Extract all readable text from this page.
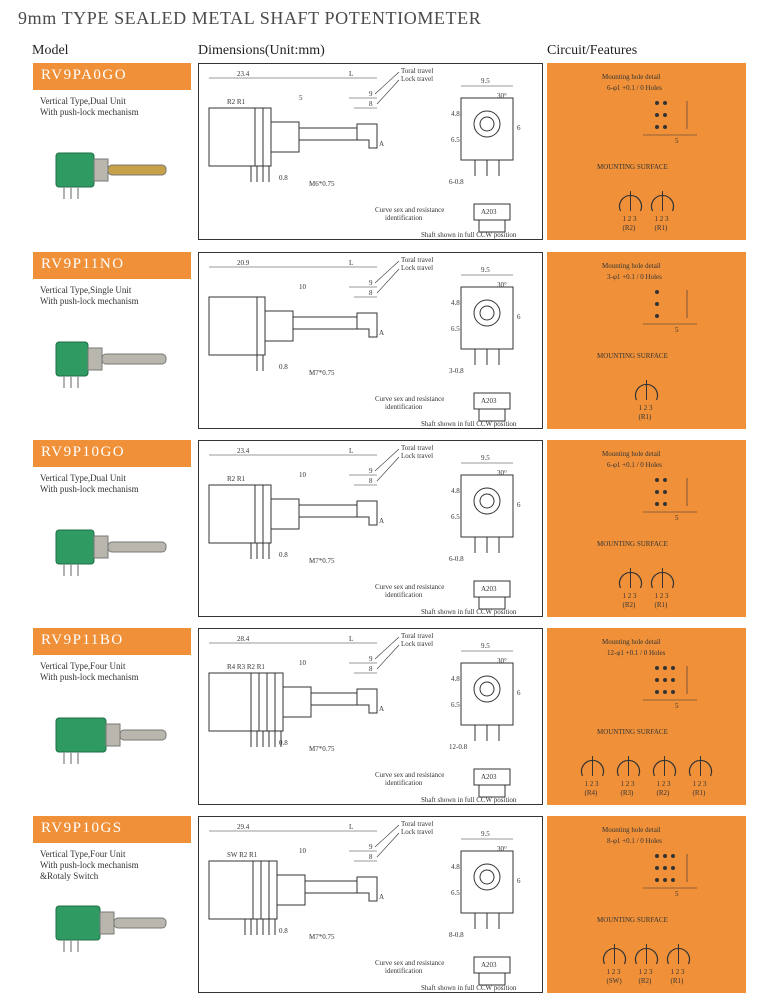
9mm TYPE SEALED METAL SHAFT POTENTIOMETER
Model	Dimensions(Unit:mm)	Circuit/Features
RV9PA0GO
Vertical Type,Dual Unit
With push-lock mechanism
23.4	L	Toral travel
Lock travel
R2 R1	5	9
8
M6*0.75
0.8
A
9.5
30°
6
4.8
6.5
6-0.8
Curve sex and resistance
identification
A203
Shaft shown in full CCW position
1 2 3
(R2)
1 2 3
(R1)
Mounting hole detail
6-φ1 +0.1 / 0 Holes
5
MOUNTING SURFACE
RV9P11NO
Vertical Type,Single Unit
With push-lock mechanism
20.9	L	Toral travel
Lock travel
10	9
8
M7*0.75
0.8
A
9.5
30°
6
4.8
6.5
3-0.8
Curve sex and resistance
identification
A203
Shaft shown in full CCW position
1 2 3
(R1)
Mounting hole detail
3-φ1 +0.1 / 0 Holes
5
MOUNTING SURFACE
RV9P10GO
Vertical Type,Dual Unit
With push-lock mechanism
23.4	L	Toral travel
Lock travel
R2 R1	10	9
8
M7*0.75
0.8
A
9.5
30°
6
4.8
6.5
6-0.8
Curve sex and resistance
identification
A203
Shaft shown in full CCW position
1 2 3
(R2)
1 2 3
(R1)
Mounting hole detail
6-φ1 +0.1 / 0 Holes
5
MOUNTING SURFACE
RV9P11BO
Vertical Type,Four Unit
With push-lock mechanism
28.4	L	Toral travel
Lock travel
R4 R3 R2 R1	10	9
8
M7*0.75
0.8
A
9.5
30°
6
4.8
6.5
12-0.8
Curve sex and resistance
identification
A203
Shaft shown in full CCW position
1 2 3
(R4)
1 2 3
(R3)
1 2 3
(R2)
1 2 3
(R1)
Mounting hole detail
12-φ1 +0.1 / 0 Holes
5
MOUNTING SURFACE
RV9P10GS
Vertical Type,Four Unit
With push-lock mechanism
&Rotaly Switch
29.4	L	Toral travel
Lock travel
SW R2 R1	10	9
8
M7*0.75
0.8
A
9.5
30°
6
4.8
6.5
8-0.8
Curve sex and resistance
identification
A203
Shaft shown in full CCW position
1 2 3
(SW)
1 2 3
(R2)
1 2 3
(R1)
Mounting hole detail
8-φ1 +0.1 / 0 Holes
5
MOUNTING SURFACE
